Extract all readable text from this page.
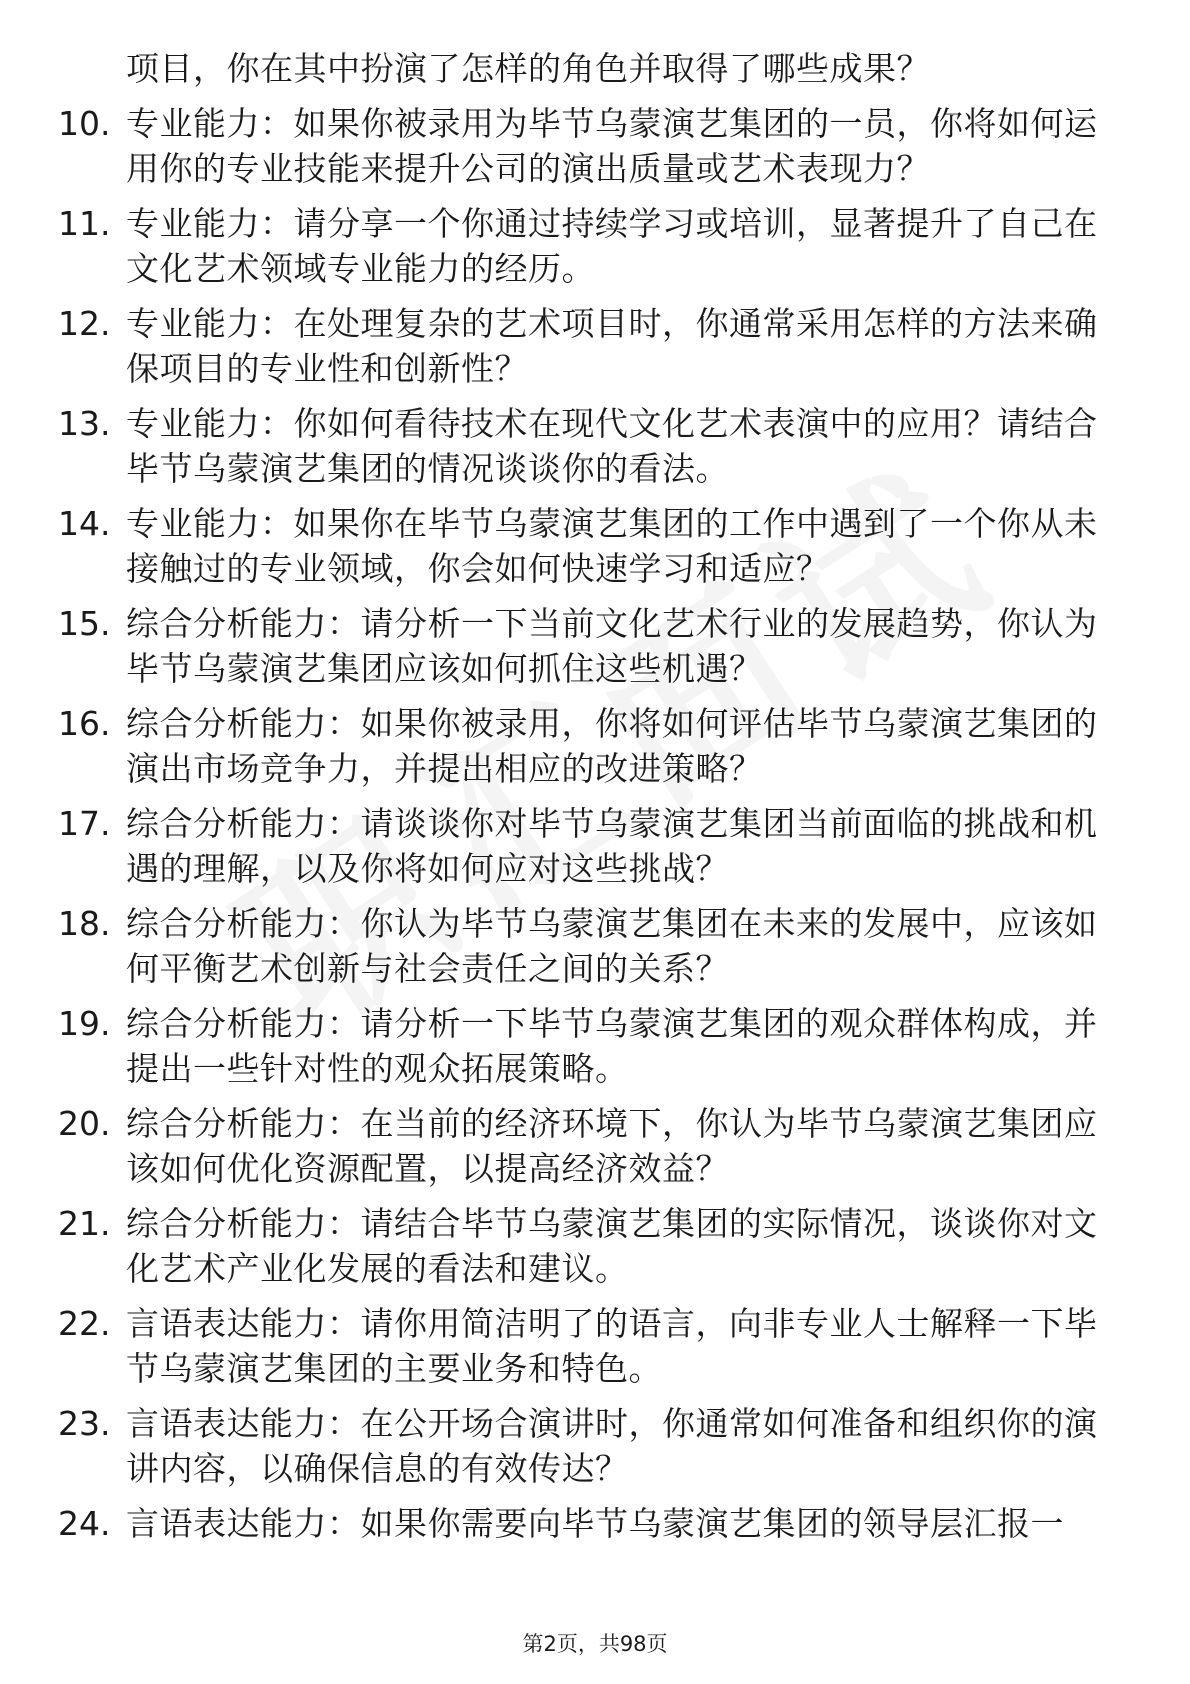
项目，你在其中扮演了怎样的角色并取得了哪些成果？
10. 专业能力：如果你被录用为毕节乌蒙演艺集团的一员，你将如何运用你的专业技能来提升公司的演出质量或艺术表现力？
11. 专业能力：请分享一个你通过持续学习或培训，显著提升了自己在文化艺术领域专业能力的经历。
12. 专业能力：在处理复杂的艺术项目时，你通常采用怎样的方法来确保项目的专业性和创新性？
13. 专业能力：你如何看待技术在现代文化艺术表演中的应用？请结合毕节乌蒙演艺集团的情况谈谈你的看法。
14. 专业能力：如果你在毕节乌蒙演艺集团的工作中遇到了一个你从未接触过的专业领域，你会如何快速学习和适应？
15. 综合分析能力：请分析一下当前文化艺术行业的发展趋势，你认为毕节乌蒙演艺集团应该如何抓住这些机遇？
16. 综合分析能力：如果你被录用，你将如何评估毕节乌蒙演艺集团的演出市场竞争力，并提出相应的改进策略？
17. 综合分析能力：请谈谈你对毕节乌蒙演艺集团当前面临的挑战和机遇的理解，以及你将如何应对这些挑战？
18. 综合分析能力：你认为毕节乌蒙演艺集团在未来的发展中，应该如何平衡艺术创新与社会责任之间的关系？
19. 综合分析能力：请分析一下毕节乌蒙演艺集团的观众群体构成，并提出一些针对性的观众拓展策略。
20. 综合分析能力：在当前的经济环境下，你认为毕节乌蒙演艺集团应该如何优化资源配置，以提高经济效益？
21. 综合分析能力：请结合毕节乌蒙演艺集团的实际情况，谈谈你对文化艺术产业化发展的看法和建议。
22. 言语表达能力：请你用简洁明了的语言，向非专业人士解释一下毕节乌蒙演艺集团的主要业务和特色。
23. 言语表达能力：在公开场合演讲时，你通常如何准备和组织你的演讲内容，以确保信息的有效传达？
24. 言语表达能力：如果你需要向毕节乌蒙演艺集团的领导层汇报一
第2页，共98页
